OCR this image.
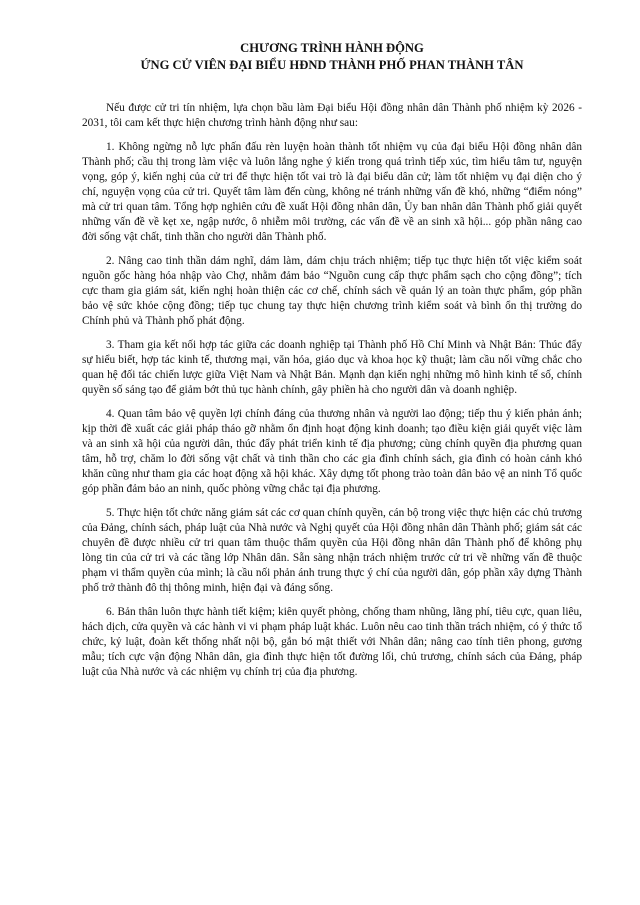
CHƯƠNG TRÌNH HÀNH ĐỘNG

ỨNG CỬ VIÊN ĐẠI BIỂU HĐND THÀNH PHỐ PHAN THÀNH TÂN

Nếu được cử tri tín nhiệm, lựa chọn bầu làm Đại biểu Hội đồng nhân dân Thành phố nhiệm kỳ 2026 - 2031, tôi cam kết thực hiện chương trình hành động như sau:

1. Không ngừng nỗ lực phấn đấu rèn luyện hoàn thành tốt nhiệm vụ của đại biểu Hội đồng nhân dân Thành phố; cầu thị trong làm việc và luôn lắng nghe ý kiến trong quá trình tiếp xúc, tìm hiểu tâm tư, nguyện vọng, góp ý, kiến nghị của cử tri để thực hiện tốt vai trò là đại biểu dân cử; làm tốt nhiệm vụ đại diện cho ý chí, nguyện vọng của cử tri. Quyết tâm làm đến cùng, không né tránh những vấn đề khó, những “điểm nóng” mà cử tri quan tâm. Tổng hợp nghiên cứu đề xuất Hội đồng nhân dân, Ủy ban nhân dân Thành phố giải quyết những vấn đề về kẹt xe, ngập nước, ô nhiễm môi trường, các vấn đề về an sinh xã hội... góp phần nâng cao đời sống vật chất, tinh thần cho người dân Thành phố.

2. Nâng cao tinh thần dám nghĩ, dám làm, dám chịu trách nhiệm; tiếp tục thực hiện tốt việc kiểm soát nguồn gốc hàng hóa nhập vào Chợ, nhằm đảm bảo “Nguồn cung cấp thực phẩm sạch cho cộng đồng”; tích cực tham gia giám sát, kiến nghị hoàn thiện các cơ chế, chính sách về quản lý an toàn thực phẩm, góp phần bảo vệ sức khỏe cộng đồng; tiếp tục chung tay thực hiện chương trình kiểm soát và bình ổn thị trường do Chính phủ và Thành phố phát động.

3. Tham gia kết nối hợp tác giữa các doanh nghiệp tại Thành phố Hồ Chí Minh và Nhật Bản: Thúc đẩy sự hiểu biết, hợp tác kinh tế, thương mại, văn hóa, giáo dục và khoa học kỹ thuật; làm cầu nối vững chắc cho quan hệ đối tác chiến lược giữa Việt Nam và Nhật Bản. Mạnh dạn kiến nghị những mô hình kinh tế số, chính quyền số sáng tạo để giảm bớt thủ tục hành chính, gây phiền hà cho người dân và doanh nghiệp.

4. Quan tâm bảo vệ quyền lợi chính đáng của thương nhân và người lao động; tiếp thu ý kiến phản ánh; kịp thời đề xuất các giải pháp tháo gỡ nhằm ổn định hoạt động kinh doanh; tạo điều kiện giải quyết việc làm và an sinh xã hội của người dân, thúc đẩy phát triển kinh tế địa phương; cùng chính quyền địa phương quan tâm, hỗ trợ, chăm lo đời sống vật chất và tinh thần cho các gia đình chính sách, gia đình có hoàn cảnh khó khăn cũng như tham gia các hoạt động xã hội khác. Xây dựng tốt phong trào toàn dân bảo vệ an ninh Tổ quốc góp phần đảm bảo an ninh, quốc phòng vững chắc tại địa phương.

5. Thực hiện tốt chức năng giám sát các cơ quan chính quyền, cán bộ trong việc thực hiện các chủ trương của Đảng, chính sách, pháp luật của Nhà nước và Nghị quyết của Hội đồng nhân dân Thành phố; giám sát các chuyên đề được nhiều cử tri quan tâm thuộc thẩm quyền của Hội đồng nhân dân Thành phố để không phụ lòng tin của cử tri và các tầng lớp Nhân dân. Sẵn sàng nhận trách nhiệm trước cử tri về những vấn đề thuộc phạm vi thẩm quyền của mình; là cầu nối phản ánh trung thực ý chí của người dân, góp phần xây dựng Thành phố trở thành đô thị thông minh, hiện đại và đáng sống.

6. Bản thân luôn thực hành tiết kiệm; kiên quyết phòng, chống tham nhũng, lãng phí, tiêu cực, quan liêu, hách dịch, cửa quyền và các hành vi vi phạm pháp luật khác. Luôn nêu cao tinh thần trách nhiệm, có ý thức tổ chức, kỷ luật, đoàn kết thống nhất nội bộ, gắn bó mật thiết với Nhân dân; nâng cao tính tiên phong, gương mẫu; tích cực vận động Nhân dân, gia đình thực hiện tốt đường lối, chủ trương, chính sách của Đảng, pháp luật của Nhà nước và các nhiệm vụ chính trị của địa phương.
